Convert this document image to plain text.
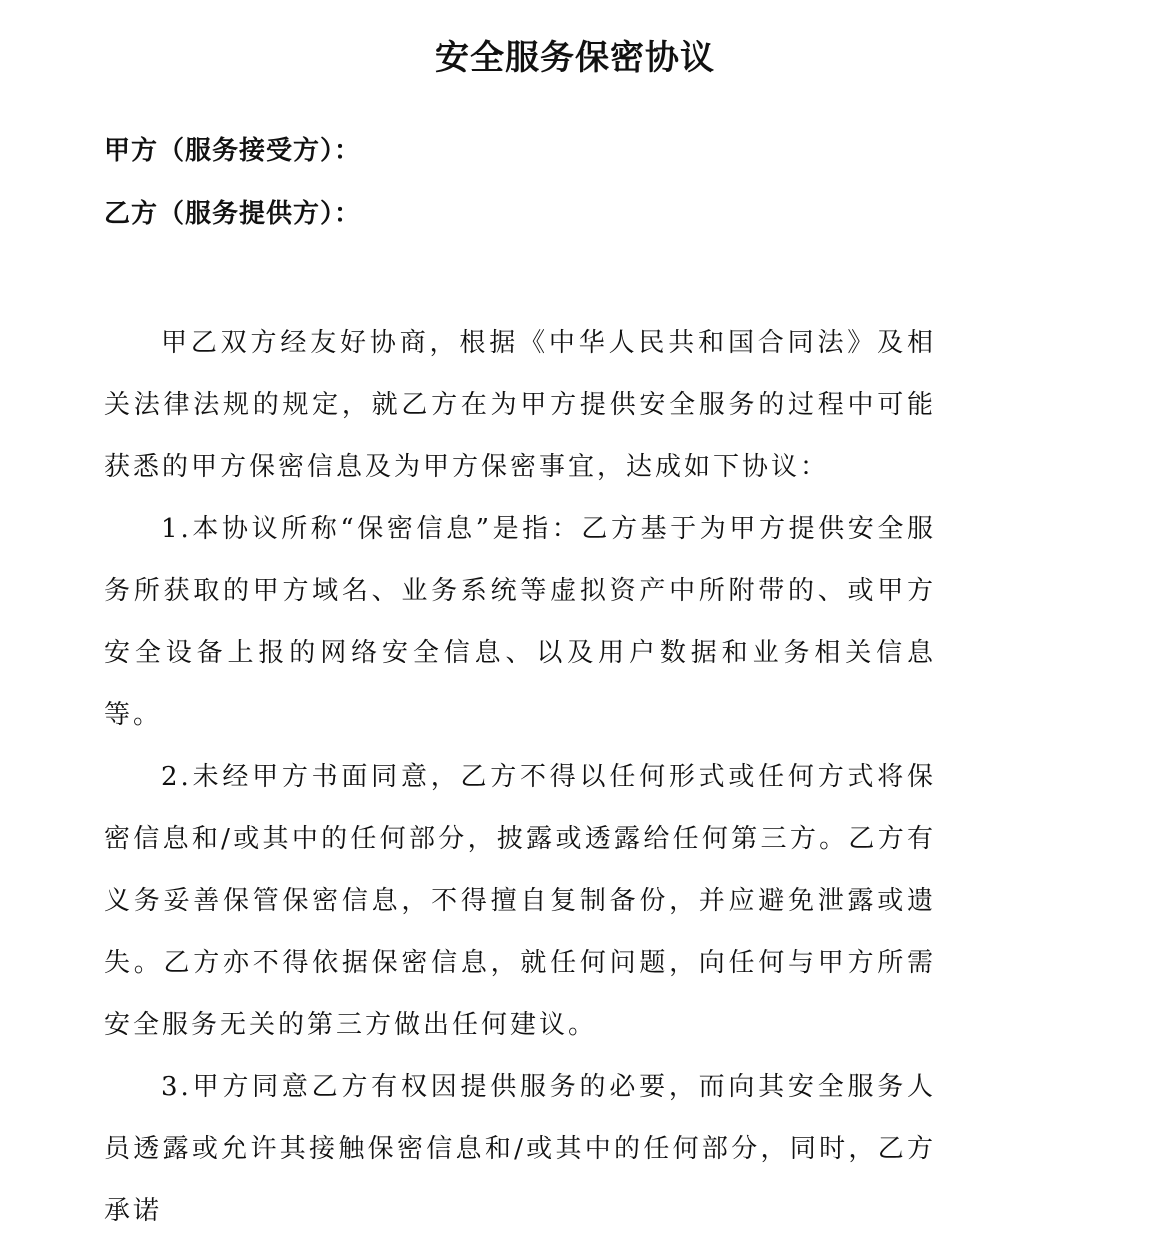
安全服务保密协议

甲方（服务接受方）：

乙方（服务提供方）：

甲乙双方经友好协商，根据《中华人民共和国合同法》及相关法律法规的规定，就乙方在为甲方提供安全服务的过程中可能获悉的甲方保密信息及为甲方保密事宜，达成如下协议：

1.本协议所称“保密信息”是指：乙方基于为甲方提供安全服务所获取的甲方域名、业务系统等虚拟资产中所附带的、或甲方安全设备上报的网络安全信息、以及用户数据和业务相关信息等。

2.未经甲方书面同意，乙方不得以任何形式或任何方式将保密信息和/或其中的任何部分，披露或透露给任何第三方。乙方有义务妥善保管保密信息，不得擅自复制备份，并应避免泄露或遗失。乙方亦不得依据保密信息，就任何问题，向任何与甲方所需安全服务无关的第三方做出任何建议。

3.甲方同意乙方有权因提供服务的必要，而向其安全服务人员透露或允许其接触保密信息和/或其中的任何部分，同时，乙方承诺
